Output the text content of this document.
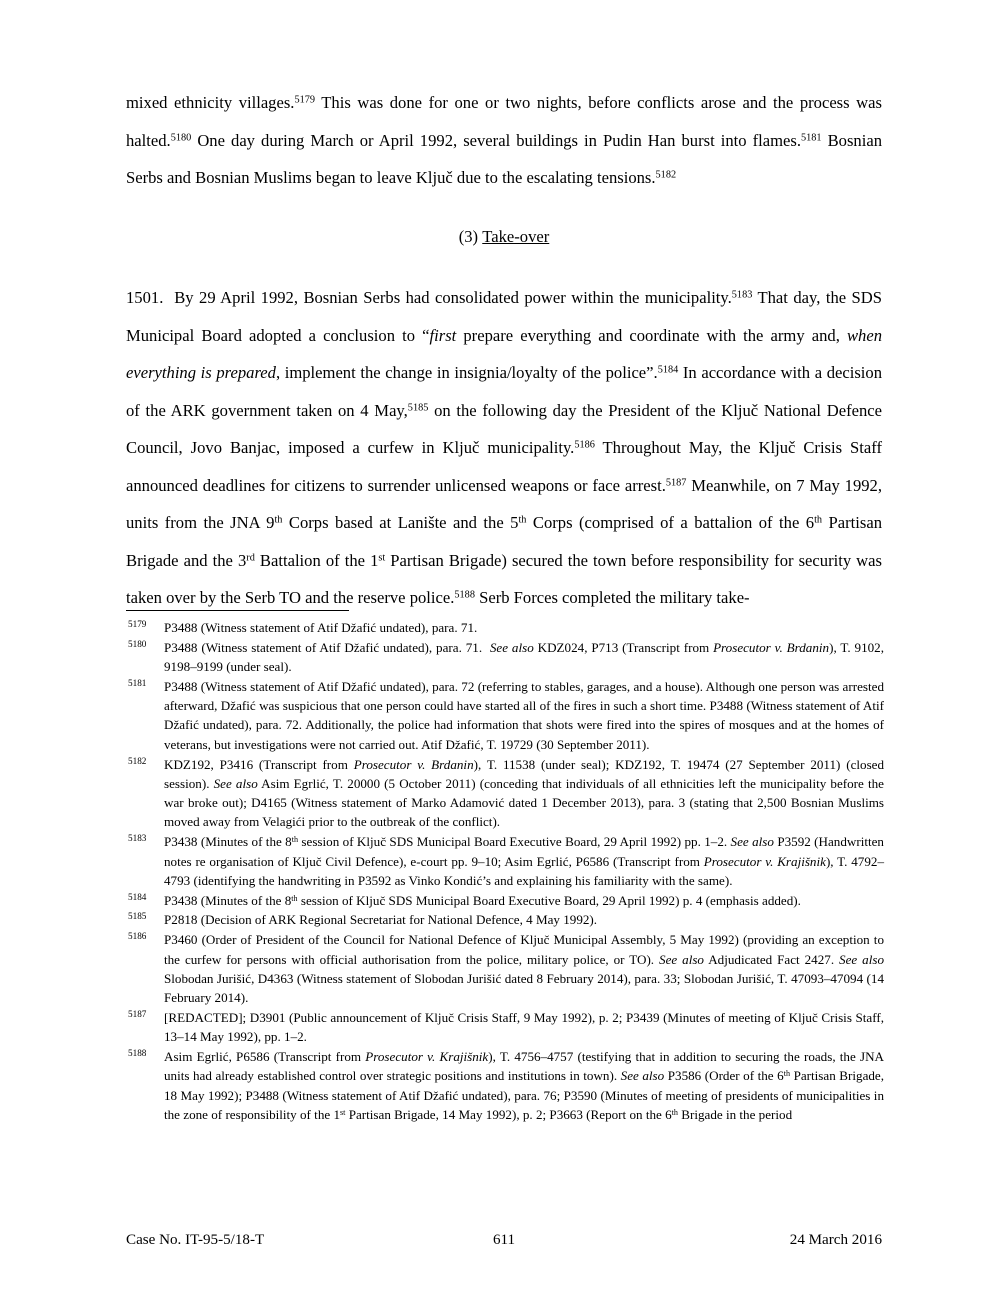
mixed ethnicity villages.$^{5179}$ This was done for one or two nights, before conflicts arose and the process was halted.$^{5180}$ One day during March or April 1992, several buildings in Pudin Han burst into flames.$^{5181}$ Bosnian Serbs and Bosnian Muslims began to leave Ključ due to the escalating tensions.$^{5182}$

(3) Take-over

1501.  By 29 April 1992, Bosnian Serbs had consolidated power within the municipality.$^{5183}$ That day, the SDS Municipal Board adopted a conclusion to “first prepare everything and coordinate with the army and, when everything is prepared, implement the change in insignia/loyalty of the police”.$^{5184}$ In accordance with a decision of the ARK government taken on 4 May,$^{5185}$ on the following day the President of the Ključ National Defence Council, Jovo Banjac, imposed a curfew in Ključ municipality.$^{5186}$ Throughout May, the Ključ Crisis Staff announced deadlines for citizens to surrender unlicensed weapons or face arrest.$^{5187}$ Meanwhile, on 7 May 1992, units from the JNA 9th Corps based at Lanište and the 5th Corps (comprised of a battalion of the 6th Partisan Brigade and the 3rd Battalion of the 1st Partisan Brigade) secured the town before responsibility for security was taken over by the Serb TO and the reserve police.$^{5188}$ Serb Forces completed the military take-

5179	P3488 (Witness statement of Atif Džafić undated), para. 71.
5180	P3488 (Witness statement of Atif Džafić undated), para. 71.  See also KDZ024, P713 (Transcript from Prosecutor v. Brdanin), T. 9102, 9198–9199 (under seal).
5181	P3488 (Witness statement of Atif Džafić undated), para. 72 (referring to stables, garages, and a house). Although one person was arrested afterward, Džafić was suspicious that one person could have started all of the fires in such a short time. P3488 (Witness statement of Atif Džafić undated), para. 72. Additionally, the police had information that shots were fired into the spires of mosques and at the homes of veterans, but investigations were not carried out. Atif Džafić, T. 19729 (30 September 2011).
5182	KDZ192, P3416 (Transcript from Prosecutor v. Brdanin), T. 11538 (under seal); KDZ192, T. 19474 (27 September 2011) (closed session). See also Asim Egrlić, T. 20000 (5 October 2011) (conceding that individuals of all ethnicities left the municipality before the war broke out); D4165 (Witness statement of Marko Adamović dated 1 December 2013), para. 3 (stating that 2,500 Bosnian Muslims moved away from Velagići prior to the outbreak of the conflict).
5183	P3438 (Minutes of the 8th session of Ključ SDS Municipal Board Executive Board, 29 April 1992) pp. 1–2. See also P3592 (Handwritten notes re organisation of Ključ Civil Defence), e-court pp. 9–10; Asim Egrlić, P6586 (Transcript from Prosecutor v. Krajišnik), T. 4792–4793 (identifying the handwriting in P3592 as Vinko Kondić’s and explaining his familiarity with the same).
5184	P3438 (Minutes of the 8th session of Ključ SDS Municipal Board Executive Board, 29 April 1992) p. 4 (emphasis added).
5185	P2818 (Decision of ARK Regional Secretariat for National Defence, 4 May 1992).
5186	P3460 (Order of President of the Council for National Defence of Ključ Municipal Assembly, 5 May 1992) (providing an exception to the curfew for persons with official authorisation from the police, military police, or TO). See also Adjudicated Fact 2427. See also Slobodan Jurišić, D4363 (Witness statement of Slobodan Jurišić dated 8 February 2014), para. 33; Slobodan Jurišić, T. 47093–47094 (14 February 2014).
5187	[REDACTED]; D3901 (Public announcement of Ključ Crisis Staff, 9 May 1992), p. 2; P3439 (Minutes of meeting of Ključ Crisis Staff, 13–14 May 1992), pp. 1–2.
5188	Asim Egrlić, P6586 (Transcript from Prosecutor v. Krajišnik), T. 4756–4757 (testifying that in addition to securing the roads, the JNA units had already established control over strategic positions and institutions in town). See also P3586 (Order of the 6th Partisan Brigade, 18 May 1992); P3488 (Witness statement of Atif Džafić undated), para. 76; P3590 (Minutes of meeting of presidents of municipalities in the zone of responsibility of the 1st Partisan Brigade, 14 May 1992), p. 2; P3663 (Report on the 6th Brigade in the period
Case No. IT-95-5/18-T	611	24 March 2016
